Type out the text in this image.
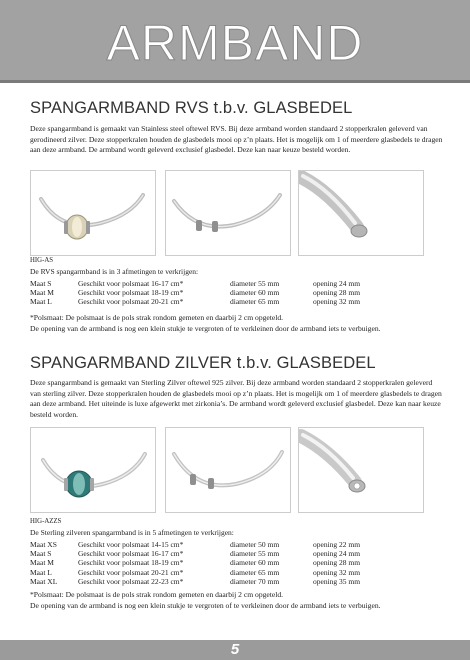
ARMBAND
SPANGARMBAND RVS t.b.v. GLASBEDEL
Deze spangarmband is gemaakt van Stainless steel oftewel RVS. Bij deze armband worden standaard 2 stopperkralen geleverd van gerodineerd zilver. Deze stopperkralen houden de glasbedels mooi op z’n plaats. Het is mogelijk om 1 of meerdere glasbedels te dragen aan deze armband. De armband wordt geleverd exclusief glasbedel. Deze kan naar keuze besteld worden.
HIG-AS
De RVS spangarmband is in 3 afmetingen te verkrijgen:
Maat S	Geschikt voor polsmaat 16-17 cm*	diameter 55 mm	opening 24 mm
Maat M	Geschikt voor polsmaat 18-19 cm*	diameter 60 mm	opening 28 mm
Maat L	Geschikt voor polsmaat 20-21 cm*	diameter 65 mm	opening 32 mm
*Polsmaat: De polsmaat is de pols strak rondom gemeten en daarbij 2 cm opgeteld.
De opening van de armband is nog een klein stukje te vergroten of te verkleinen door de armband iets te verbuigen.
SPANGARMBAND ZILVER t.b.v. GLASBEDEL
Deze spangarmband is gemaakt van Sterling Zilver oftewel 925 zilver. Bij deze armband worden standaard 2 stopperkralen geleverd van sterling zilver. Deze stopperkralen houden de glasbedels mooi op z’n plaats. Het is mogelijk om 1 of meerdere glasbedels te dragen aan deze armband. Het uiteinde is luxe afgewerkt met zirkonia’s. De armband wordt geleverd exclusief glasbedel. Deze kan naar keuze besteld worden.
HIG-AZZS
De Sterling zilveren spangarmband is in 5 afmetingen te verkrijgen:
Maat XS	Geschikt voor polsmaat 14-15 cm*	diameter 50 mm	opening 22 mm
Maat S	Geschikt voor polsmaat 16-17 cm*	diameter 55 mm	opening 24 mm
Maat M	Geschikt voor polsmaat 18-19 cm*	diameter 60 mm	opening 28 mm
Maat L	Geschikt voor polsmaat 20-21 cm*	diameter 65 mm	opening 32 mm
Maat XL	Geschikt voor polsmaat 22-23 cm*	diameter 70 mm	opening 35 mm
*Polsmaat: De polsmaat is de pols strak rondom gemeten en daarbij 2 cm opgeteld.
De opening van de armband is nog een klein stukje te vergroten of te verkleinen door de armband iets te verbuigen.
5
